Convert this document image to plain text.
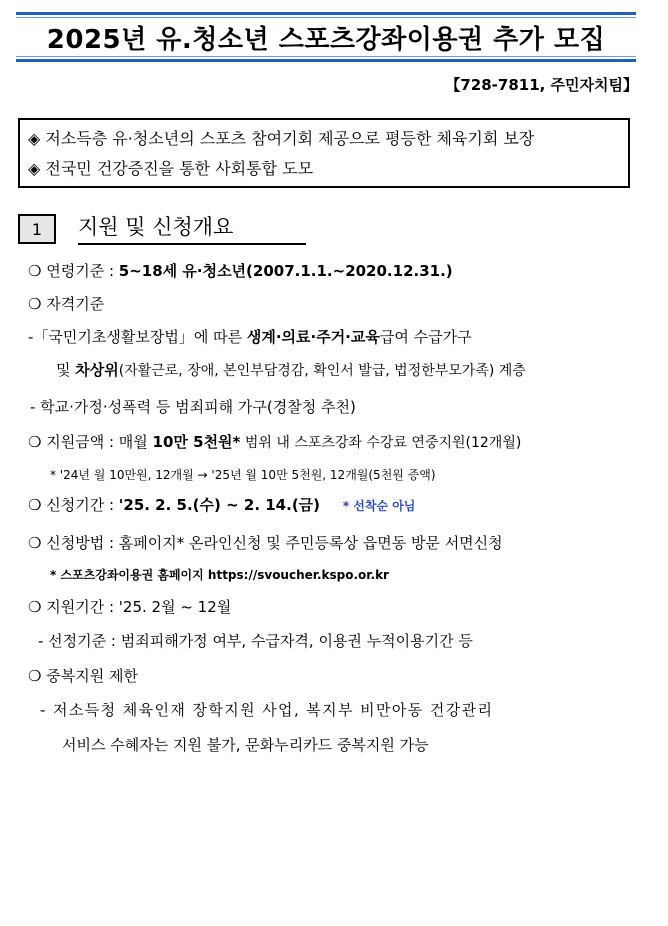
2025년 유.청소년 스포츠강좌이용권 추가 모집
【728-7811, 주민자치팀】
◈ 저소득층 유·청소년의 스포츠 참여기회 제공으로 평등한 체육기회 보장
◈ 전국민 건강증진을 통한 사회통합 도모
1	지원 및 신청개요
❍ 연령기준 : 5~18세 유·청소년(2007.1.1.~2020.12.31.)
❍ 자격기준
-「국민기초생활보장법」에 따른 생계·의료·주거·교육급여 수급가구
및 차상위(자활근로, 장애, 본인부담경감, 확인서 발급, 법정한부모가족) 계층
- 학교·가정·성폭력 등 범죄피해 가구(경찰청 추천)
❍ 지원금액 : 매월 10만 5천원* 범위 내 스포츠강좌 수강료 연중지원(12개월)
* '24년 월 10만원, 12개월 → '25년 월 10만 5천원, 12개월(5천원 증액)
❍ 신청기간 : '25. 2. 5.(수) ~ 2. 14.(금) * 선착순 아님
❍ 신청방법 : 홈페이지* 온라인신청 및 주민등록상 읍면동 방문 서면신청
* 스포츠강좌이용권 홈페이지 https://svoucher.kspo.or.kr
❍ 지원기간 : '25. 2월 ~ 12월
- 선정기준 : 범죄피해가정 여부, 수급자격, 이용권 누적이용기간 등
❍ 중복지원 제한
- 저소득청 체육인재 장학지원 사업, 복지부 비만아동 건강관리
서비스 수혜자는 지원 불가, 문화누리카드 중복지원 가능
